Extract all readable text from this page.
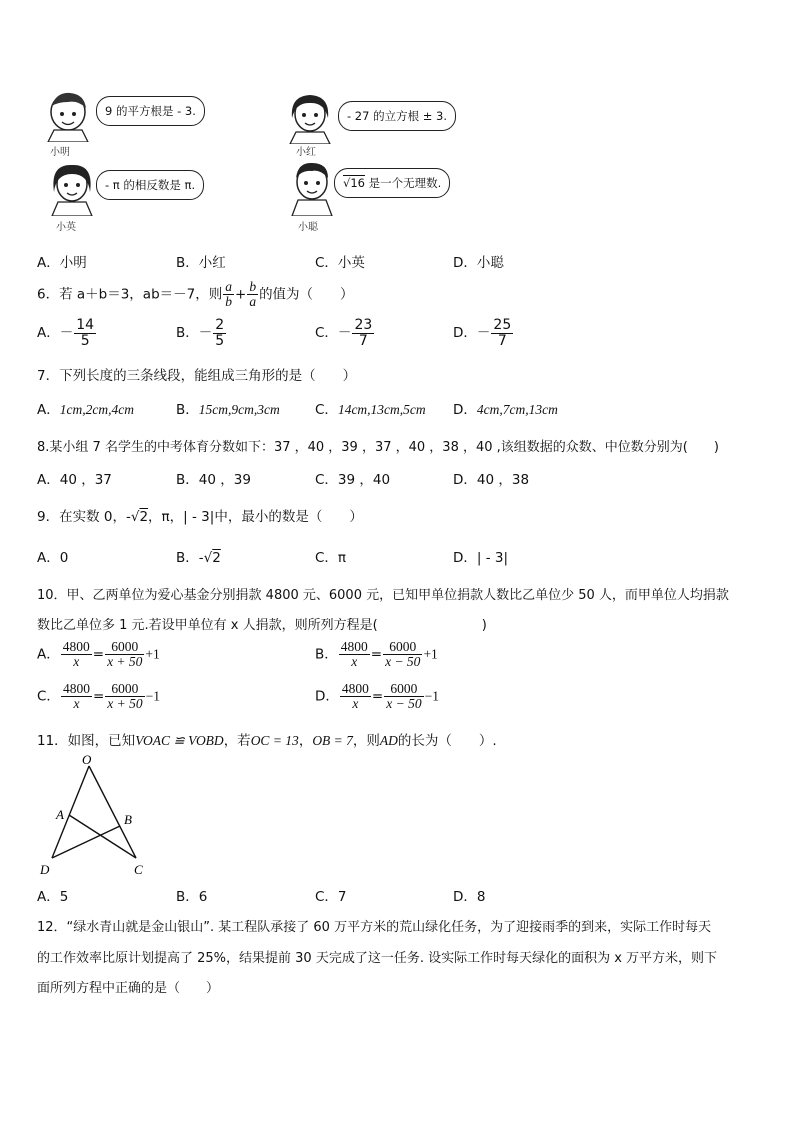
9 的平方根是 - 3.
小明
- 27 的立方根 ± 3.
小红
- π 的相反数是 π.
小英
√16 是一个无理数.
小聪
A．小明	B．小红	C．小英	D．小聪
6．若 a＋b＝3，ab＝－7，则 $\frac{a}{b} + \frac{b}{a}$ 的值为（　　）
A．－ $\frac{14}{5}$	B．－ $\frac{2}{5}$	C．－ $\frac{23}{7}$	D．－ $\frac{25}{7}$
7．下列长度的三条线段，能组成三角形的是（　　）
A．1cm,2cm,4cm	B．15cm,9cm,3cm	C．14cm,13cm,5cm D．4cm,7cm,13cm
8.某小组 7 名学生的中考体育分数如下：37 ，40 ，39 ，37 ，40 ，38 ，40 ,该组数据的众数、中位数分别为(　　)
A．40 ，37	B．40 ，39	C．39 ，40	D．40 ，38
9．在实数 0，-√2，π，| - 3|中，最小的数是（　　）
A．0	B．-√2	C．π	D．| - 3|
10．甲、乙两单位为爱心基金分别捐款 4800 元、6000 元，已知甲单位捐款人数比乙单位少 50 人，而甲单位人均捐款
数比乙单位多 1 元.若设甲单位有 x 人捐款，则所列方程是(　　　　　　　　)
A． $\frac{4800}{x} = \frac{6000}{x + 50} +1$	B． $\frac{4800}{x} = \frac{6000}{x - 50} +1$
C． $\frac{4800}{x} = \frac{6000}{x + 50} -1$	D． $\frac{4800}{x} = \frac{6000}{x - 50} -1$
11．如图，已知VOAC ≌ VOBD，若OC = 13，OB = 7，则AD的长为（　　）.
O
A	B
C
D
A．5	B．6	C．7	D．8
12．“绿水青山就是金山银山”. 某工程队承接了 60 万平方米的荒山绿化任务，为了迎接雨季的到来，实际工作时每天
的工作效率比原计划提高了 25%，结果提前 30 天完成了这一任务. 设实际工作时每天绿化的面积为 x 万平方米，则下
面所列方程中正确的是（　　）
